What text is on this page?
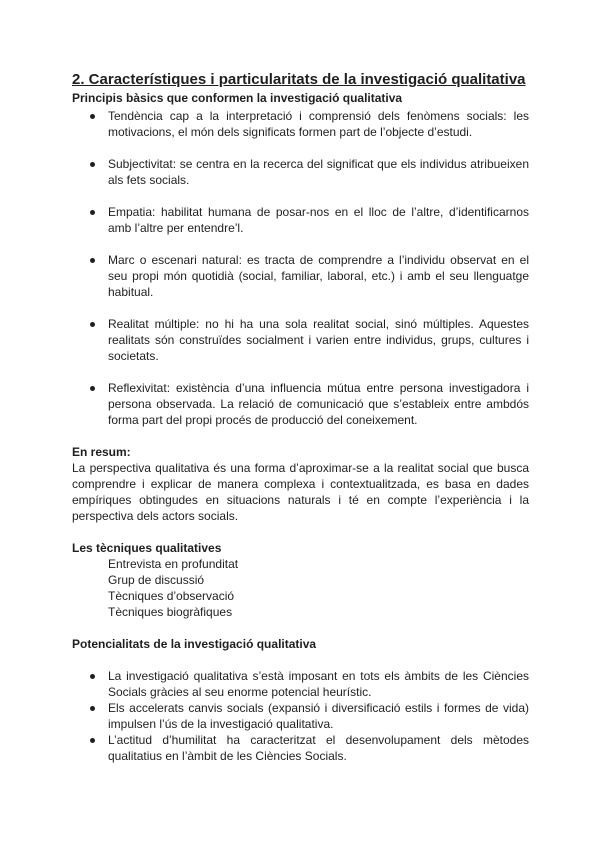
2. Característiques i particularitats de la investigació qualitativa

Principis bàsics que conformen la investigació qualitativa

Tendència cap a la interpretació i comprensió dels fenòmens socials: les motivacions, el món dels significats formen part de l’objecte d’estudi.
Subjectivitat: se centra en la recerca del significat que els individus atribueixen als fets socials.
Empatia: habilitat humana de posar-nos en el lloc de l’altre, d’identificarnos amb l’altre per entendre’l.
Marc o escenari natural: es tracta de comprendre a l’individu observat en el seu propi món quotidià (social, familiar, laboral, etc.) i amb el seu llenguatge habitual.
Realitat múltiple: no hi ha una sola realitat social, sinó múltiples. Aquestes realitats són construïdes socialment i varien entre individus, grups, cultures i societats.
Reflexivitat: existència d’una influencia mútua entre persona investigadora i persona observada. La relació de comunicació que s’estableix entre ambdós forma part del propi procés de producció del coneixement.

En resum:

La perspectiva qualitativa és una forma d’aproximar-se a la realitat social que busca comprendre i explicar de manera complexa i contextualitzada, es basa en dades empíriques obtingudes en situacions naturals i té en compte l’experiència i la perspectiva dels actors socials.

Les tècniques qualitatives

Entrevista en profunditat
Grup de discussió
Tècniques d’observació
Tècniques biogràfiques

Potencialitats de la investigació qualitativa

La investigació qualitativa s’està imposant en tots els àmbits de les Ciències Socials gràcies al seu enorme potencial heurístic.
Els accelerats canvis socials (expansió i diversificació estils i formes de vida) impulsen l’ús de la investigació qualitativa.
L’actitud d’humilitat ha caracteritzat el desenvolupament dels mètodes qualitatius en l’àmbit de les Ciències Socials.
